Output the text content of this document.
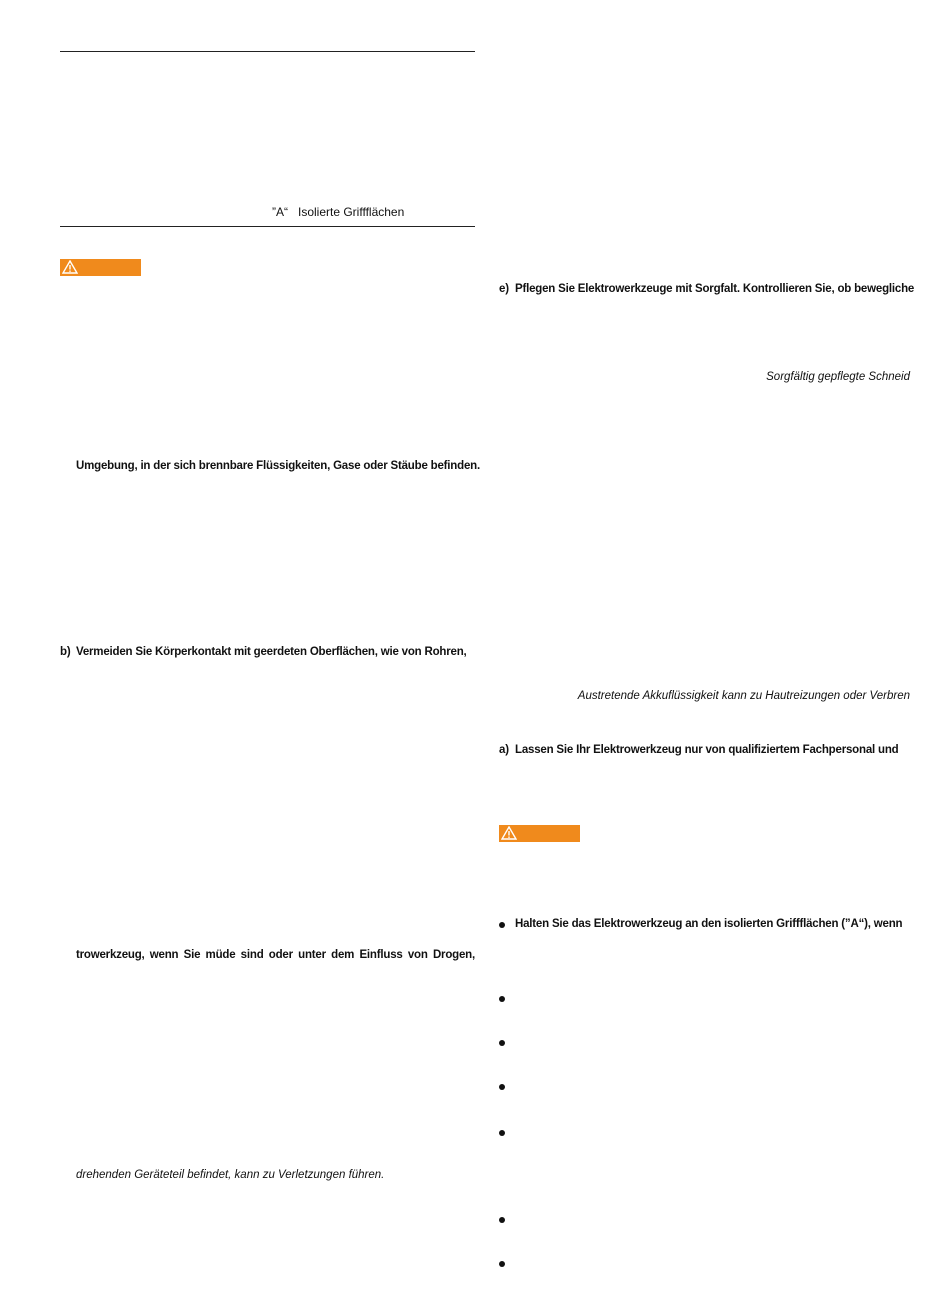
”A“ Isolierte Griffflächen
Umgebung, in der sich brennbare Flüssigkeiten, Gase oder Stäube befinden.
b) Vermeiden Sie Körperkontakt mit geerdeten Oberflächen, wie von Rohren,
trowerkzeug, wenn Sie müde sind oder unter dem Einfluss von Drogen,
drehenden Geräteteil befindet, kann zu Verletzungen führen.
e) Pflegen Sie Elektrowerkzeuge mit Sorgfalt. Kontrollieren Sie, ob bewegliche
Sorgfältig gepflegte Schneid
Austretende Akkuflüssigkeit kann zu Hautreizungen oder Verbren
a) Lassen Sie Ihr Elektrowerkzeug nur von qualifiziertem Fachpersonal und
Halten Sie das Elektrowerkzeug an den isolierten Griffflächen (”A“), wenn
